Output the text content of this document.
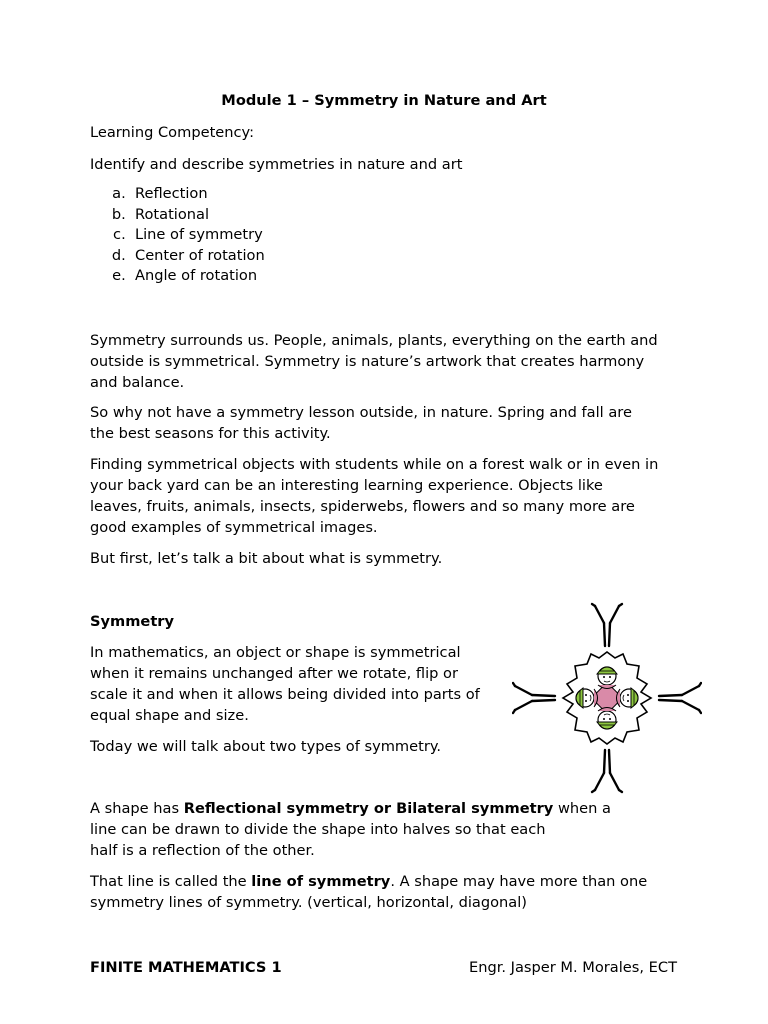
Module 1 – Symmetry in Nature and Art

Learning Competency:

Identify and describe symmetries in nature and art

a. Reflection
b. Rotational
c. Line of symmetry
d. Center of rotation
e. Angle of rotation
Symmetry surrounds us. People, animals, plants, everything on the earth and
outside is symmetrical. Symmetry is nature’s artwork that creates harmony
and balance.
So why not have a symmetry lesson outside, in nature. Spring and fall are
the best seasons for this activity.
Finding symmetrical objects with students while on a forest walk or in even in
your back yard can be an interesting learning experience. Objects like
leaves, fruits, animals, insects, spiderwebs, flowers and so many more are
good examples of symmetrical images.
But first, let’s talk a bit about what is symmetry.
Symmetry
In mathematics, an object or shape is symmetrical
when it remains unchanged after we rotate, flip or
scale it and when it allows being divided into parts of
equal shape and size.
Today we will talk about two types of symmetry.
A shape has Reflectional symmetry or Bilateral symmetry when a
line can be drawn to divide the shape into halves so that each
half is a reflection of the other.
That line is called the line of symmetry. A shape may have more than one
symmetry lines of symmetry. (vertical, horizontal, diagonal)
FINITE MATHEMATICS 1	Engr. Jasper M. Morales, ECT
